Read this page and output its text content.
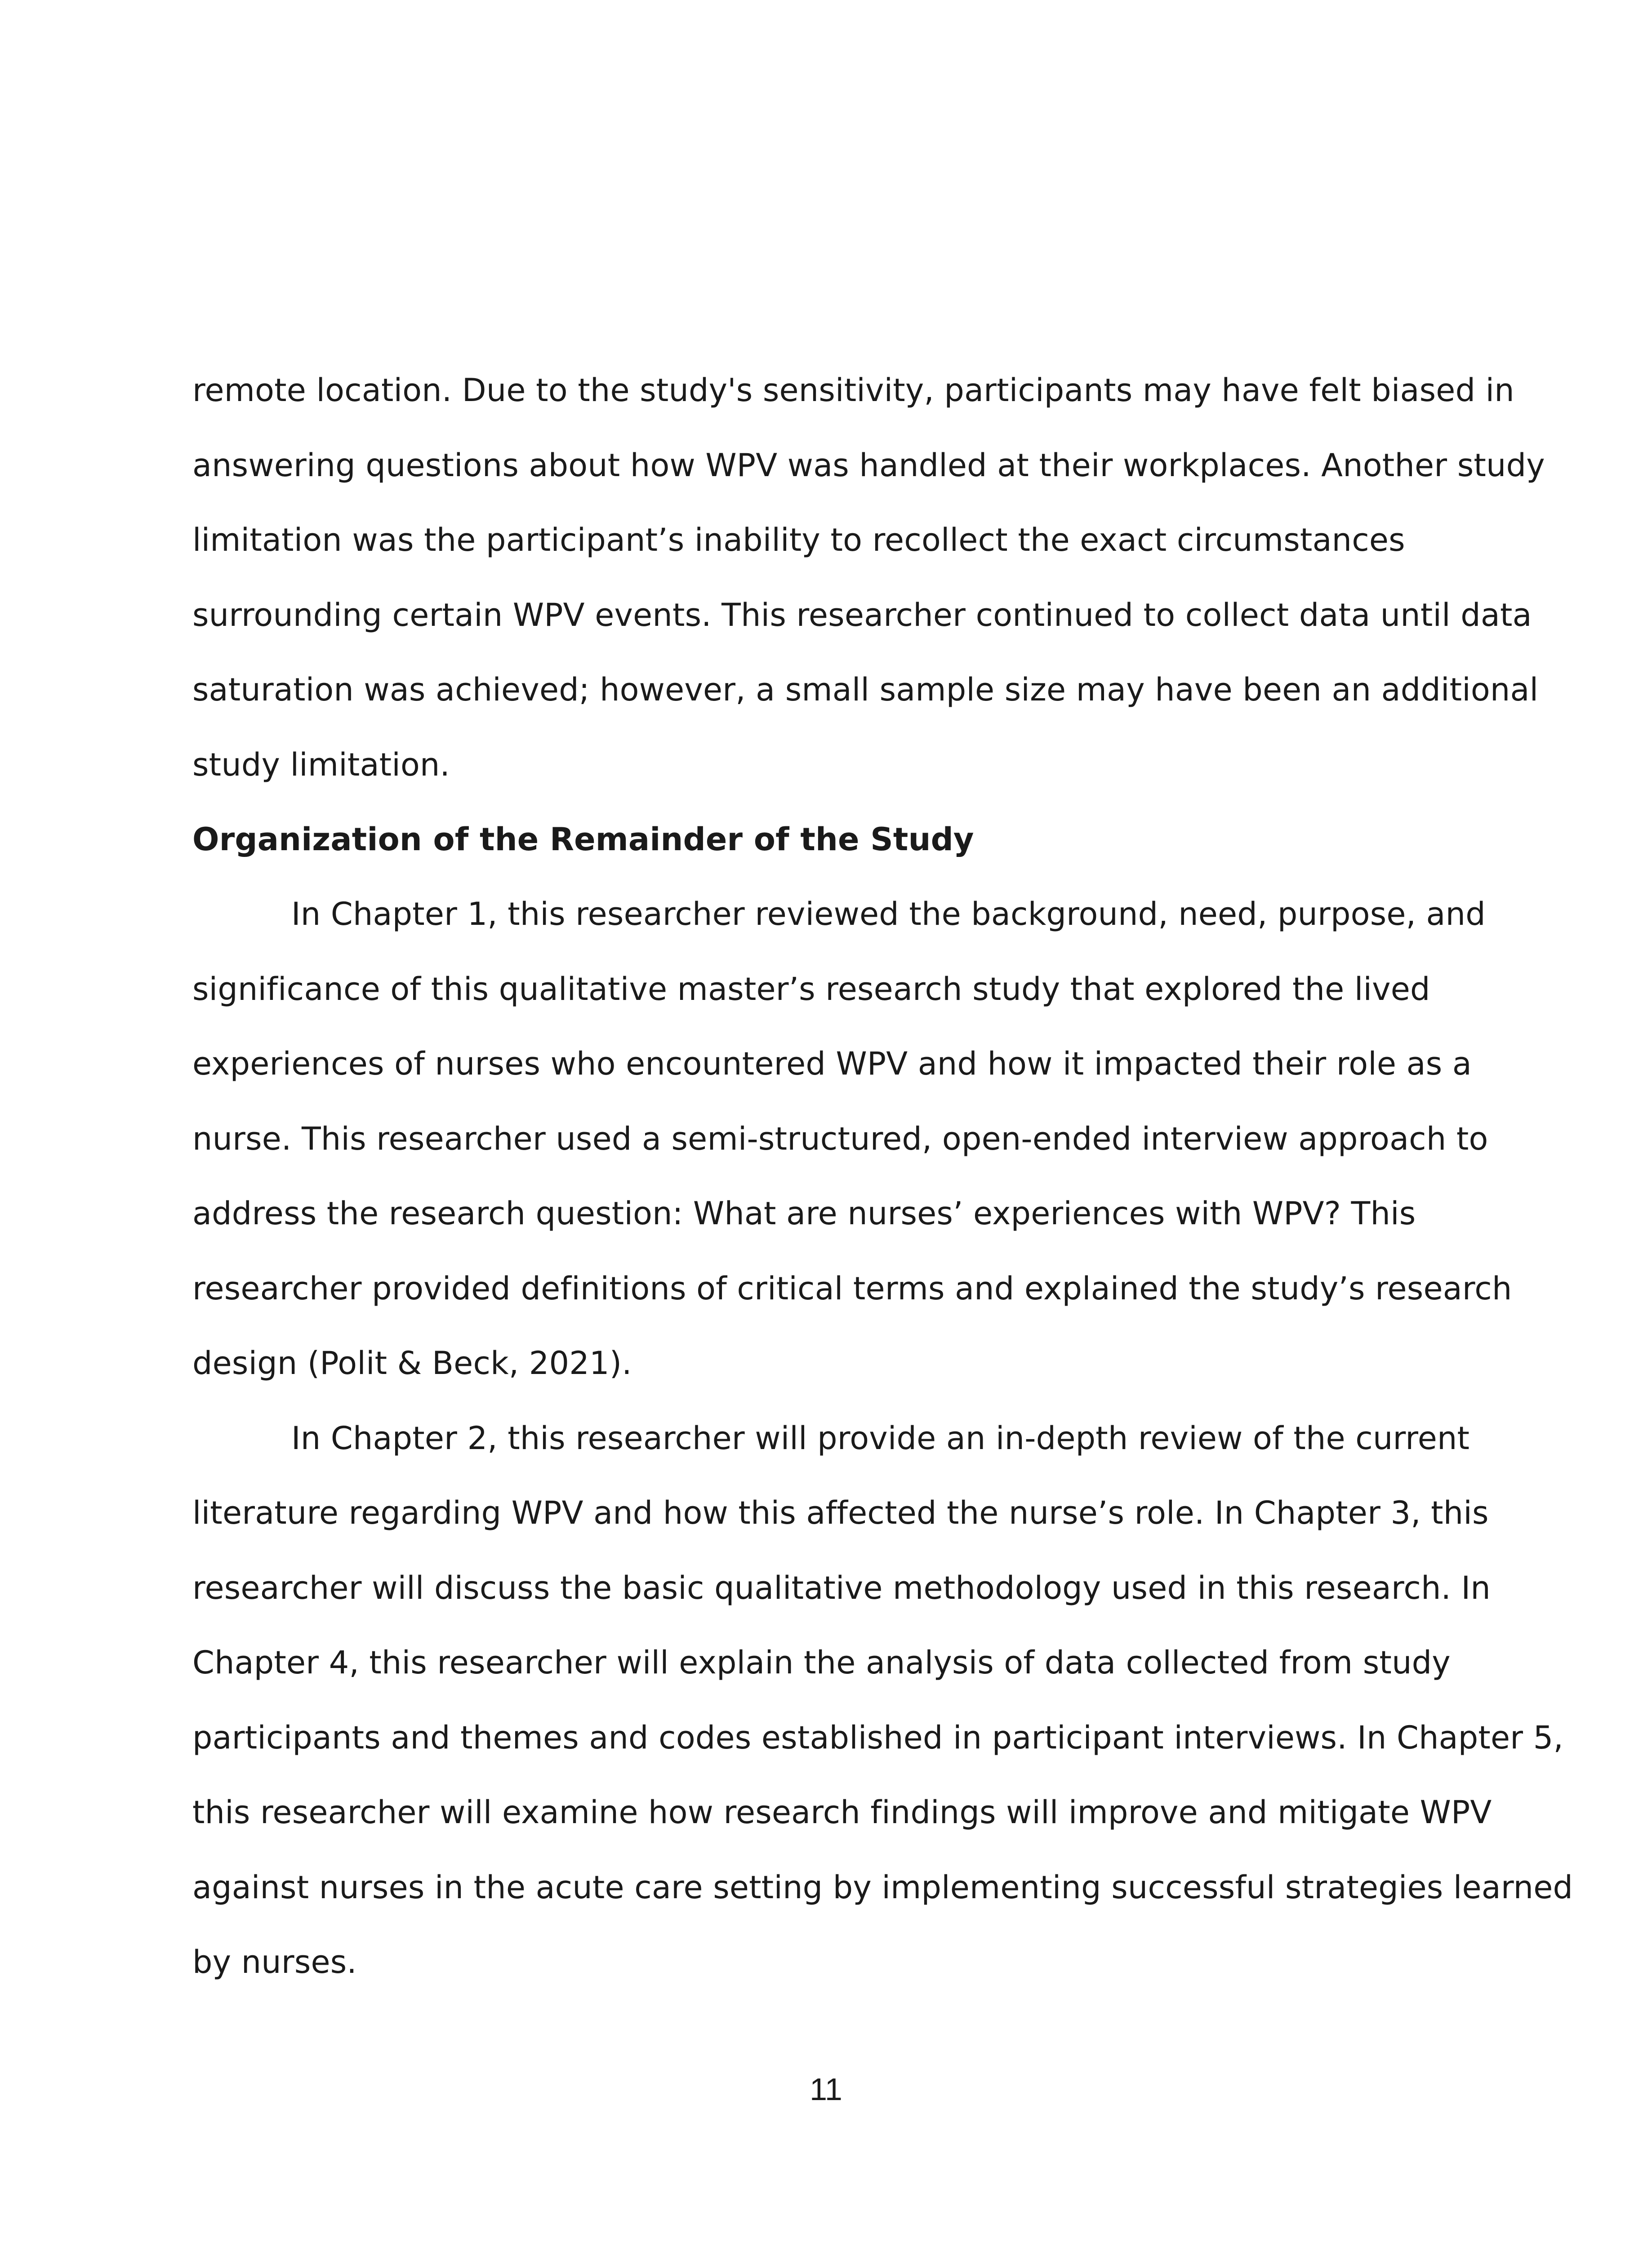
remote location. Due to the study's sensitivity, participants may have felt biased in
answering questions about how WPV was handled at their workplaces. Another study
limitation was the participant’s inability to recollect the exact circumstances
surrounding certain WPV events. This researcher continued to collect data until data
saturation was achieved; however, a small sample size may have been an additional
study limitation.
Organization of the Remainder of the Study
In Chapter 1, this researcher reviewed the background, need, purpose, and
significance of this qualitative master’s research study that explored the lived
experiences of nurses who encountered WPV and how it impacted their role as a
nurse. This researcher used a semi-structured, open-ended interview approach to
address the research question: What are nurses’ experiences with WPV? This
researcher provided definitions of critical terms and explained the study’s research
design (Polit & Beck, 2021).
In Chapter 2, this researcher will provide an in-depth review of the current
literature regarding WPV and how this affected the nurse’s role. In Chapter 3, this
researcher will discuss the basic qualitative methodology used in this research. In
Chapter 4, this researcher will explain the analysis of data collected from study
participants and themes and codes established in participant interviews. In Chapter 5,
this researcher will examine how research findings will improve and mitigate WPV
against nurses in the acute care setting by implementing successful strategies learned
by nurses.
11
